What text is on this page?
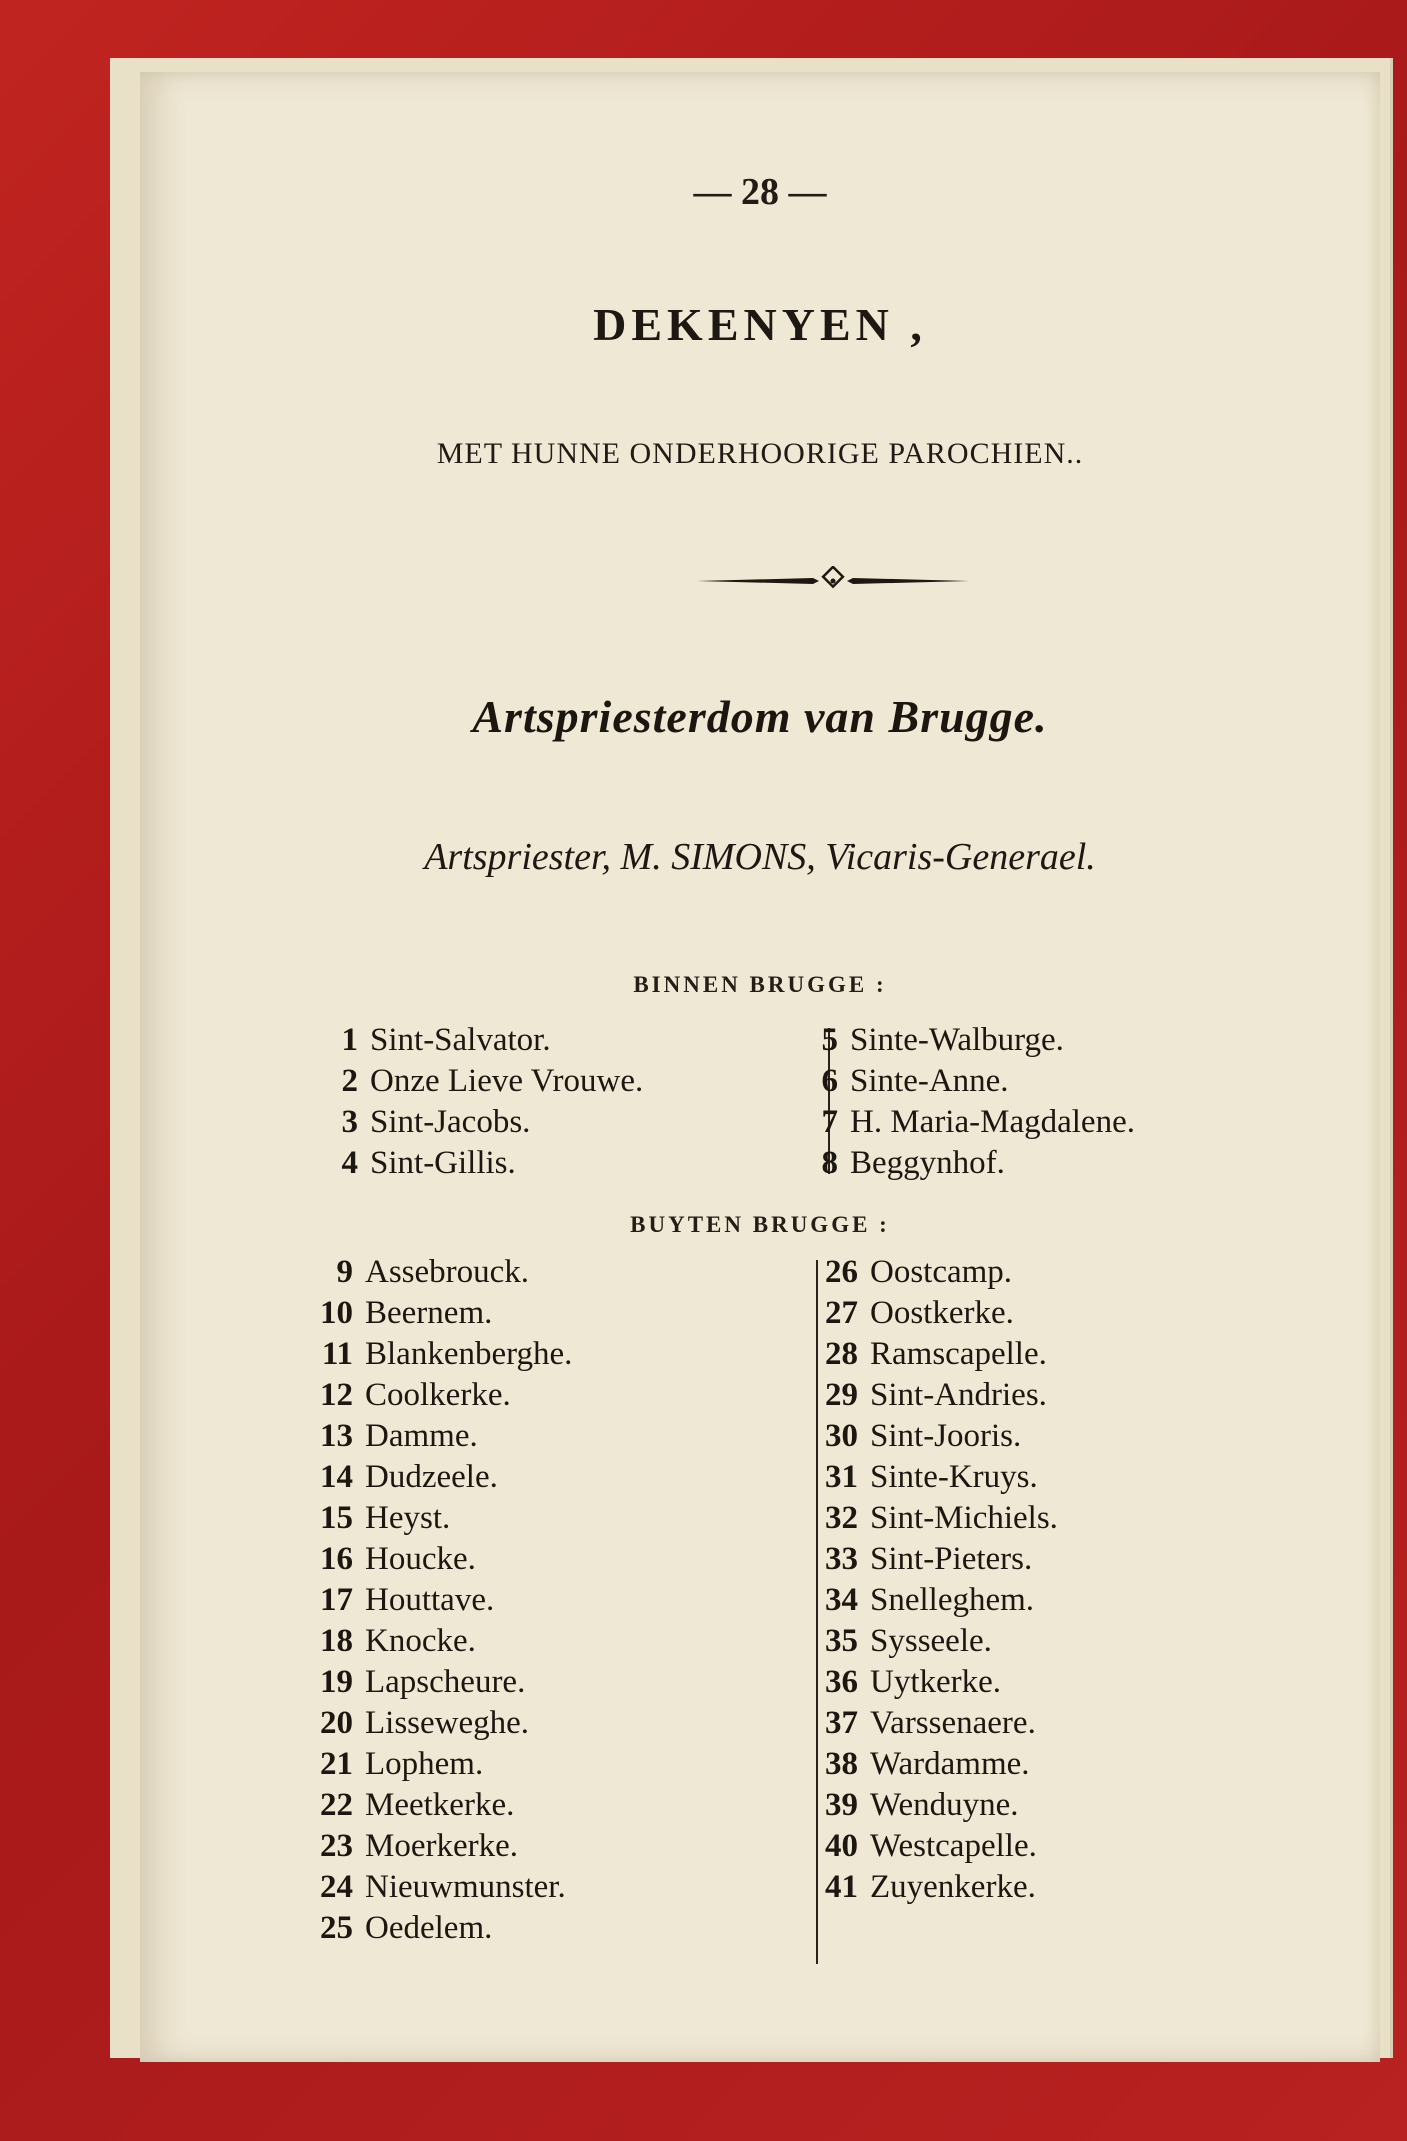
— 28 —
DEKENYEN ,
MET HUNNE ONDERHOORIGE PAROCHIEN..
Artspriesterdom van Brugge.
Artspriester, M. SIMONS, Vicaris-Generael.
BINNEN BRUGGE :
1 Sint-Salvator.
2 Onze Lieve Vrouwe.
3 Sint-Jacobs.
4 Sint-Gillis.
5 Sinte-Walburge.
6 Sinte-Anne.
7 H. Maria-Magdalene.
8 Beggynhof.
BUYTEN BRUGGE :
9 Assebrouck.
10 Beernem.
11 Blankenberghe.
12 Coolkerke.
13 Damme.
14 Dudzeele.
15 Heyst.
16 Houcke.
17 Houttave.
18 Knocke.
19 Lapscheure.
20 Lisseweghe.
21 Lophem.
22 Meetkerke.
23 Moerkerke.
24 Nieuwmunster.
25 Oedelem.
26 Oostcamp.
27 Oostkerke.
28 Ramscapelle.
29 Sint-Andries.
30 Sint-Jooris.
31 Sinte-Kruys.
32 Sint-Michiels.
33 Sint-Pieters.
34 Snelleghem.
35 Sysseele.
36 Uytkerke.
37 Varssenaere.
38 Wardamme.
39 Wenduyne.
40 Westcapelle.
41 Zuyenkerke.
